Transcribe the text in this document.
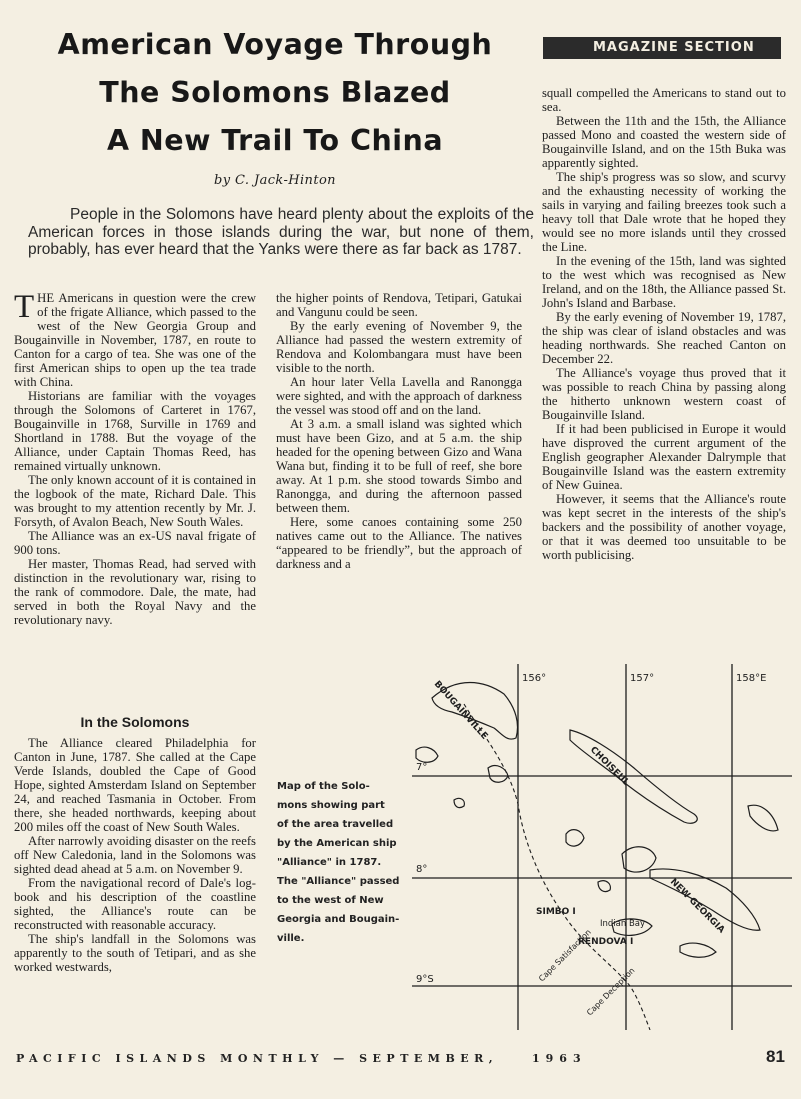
American Voyage Through
The Solomons Blazed
A New Trail To China
by C. Jack-Hinton
MAGAZINE SECTION

People in the Solomons have heard plenty about the exploits of the American forces in those islands during the war, but none of them, probably, has ever heard that the Yanks were there as far back as 1787.

THE Americans in question were the crew of the frigate Alliance, which passed to the west of the New Georgia Group and Bougainville in November, 1787, en route to Canton for a cargo of tea. She was one of the first American ships to open up the tea trade with China.

Historians are familiar with the voyages through the Solomons of Carteret in 1767, Bougainville in 1768, Surville in 1769 and Shortland in 1788. But the voyage of the Alliance, under Captain Thomas Reed, has remained virtually unknown.

The only known account of it is contained in the logbook of the mate, Richard Dale. This was brought to my attention recently by Mr. J. Forsyth, of Avalon Beach, New South Wales.

The Alliance was an ex-US naval frigate of 900 tons.

Her master, Thomas Read, had served with distinction in the revolutionary war, rising to the rank of commodore. Dale, the mate, had served in both the Royal Navy and the revolutionary navy.

In the Solomons

The Alliance cleared Philadelphia for Canton in June, 1787. She called at the Cape Verde Islands, doubled the Cape of Good Hope, sighted Amsterdam Island on September 24, and reached Tasmania in October. From there, she headed northwards, keeping about 200 miles off the coast of New South Wales.

After narrowly avoiding disaster on the reefs off New Caledonia, land in the Solomons was sighted dead ahead at 5 a.m. on November 9.

From the navigational record of Dale's log-book and his description of the coastline sighted, the Alliance's route can be reconstructed with reasonable accuracy.

The ship's landfall in the Solomons was apparently to the south of Tetipari, and as she worked westwards,

the higher points of Rendova, Tetipari, Gatukai and Vangunu could be seen.

By the early evening of November 9, the Alliance had passed the western extremity of Rendova and Kolombangara must have been visible to the north.

An hour later Vella Lavella and Ranongga were sighted, and with the approach of darkness the vessel was stood off and on the land.

At 3 a.m. a small island was sighted which must have been Gizo, and at 5 a.m. the ship headed for the opening between Gizo and Wana Wana but, finding it to be full of reef, she bore away. At 1 p.m. she stood towards Simbo and Ranongga, and during the afternoon passed between them.

Here, some canoes containing some 250 natives came out to the Alliance. The natives “appeared to be friendly”, but the approach of darkness and a

squall compelled the Americans to stand out to sea.

Between the 11th and the 15th, the Alliance passed Mono and coasted the western side of Bougainville Island, and on the 15th Buka was apparently sighted.

The ship's progress was so slow, and scurvy and the exhausting necessity of working the sails in varying and failing breezes took such a heavy toll that Dale wrote that he hoped they would see no more islands until they crossed the Line.

In the evening of the 15th, land was sighted to the west which was recognised as New Ireland, and on the 18th, the Alliance passed St. John's Island and Barbase.

By the early evening of November 19, 1787, the ship was clear of island obstacles and was heading northwards. She reached Canton on December 22.

The Alliance's voyage thus proved that it was possible to reach China by passing along the hitherto unknown western coast of Bougainville Island.

If it had been publicised in Europe it would have disproved the current argument of the English geographer Alexander Dalrymple that Bougainville Island was the eastern extremity of New Guinea.

However, it seems that the Alliance's route was kept secret in the interests of the ship's backers and the possibility of another voyage, or that it was deemed too unsuitable to be worth publicising.

Map of the Solo-
mons showing part
of the area travelled
by the American ship
"Alliance" in 1787.
The "Alliance" passed
to the west of New
Georgia and Bougain-
ville.
156°	157°	158°E
7°
8°
9°S
BOUGAINVILLE
CHOISEUL
NEW GEORGIA
SIMBO I
Indian Bay
RENDOVA I
Cape Satisfaction
Cape Deception
PACIFIC ISLANDS MONTHLY — SEPTEMBER,	1963	81
